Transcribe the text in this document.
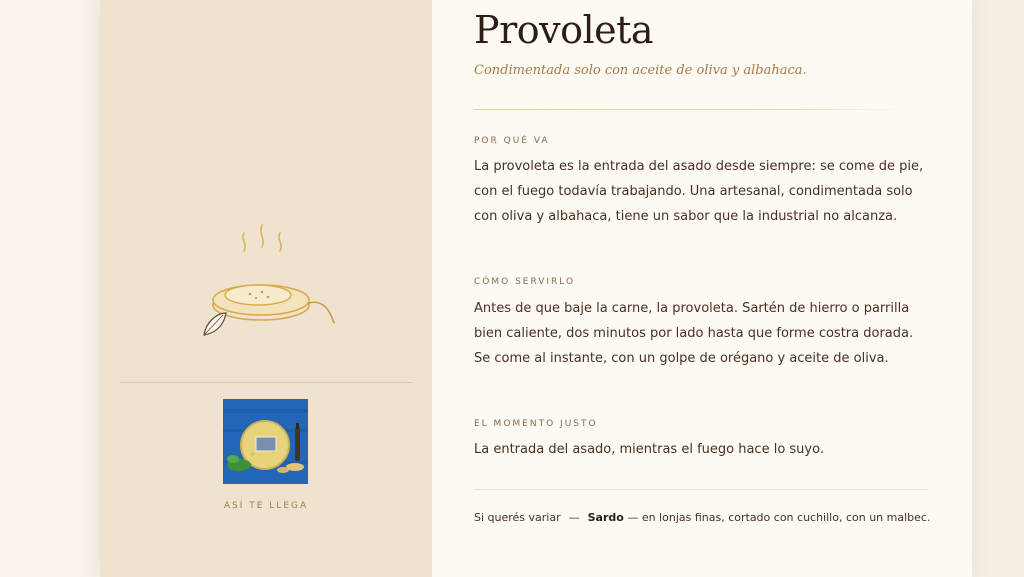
ASÍ TE LLEGA
Provoleta

Condimentada solo con aceite de oliva y albahaca.

POR QUÉ VA

La provoleta es la entrada del asado desde siempre: se come de pie, con el fuego todavía trabajando. Una artesanal, condimentada solo con oliva y albahaca, tiene un sabor que la industrial no alcanza.

CÓMO SERVIRLO

Antes de que baje la carne, la provoleta. Sartén de hierro o parrilla bien caliente, dos minutos por lado hasta que forme costra dorada. Se come al instante, con un golpe de orégano y aceite de oliva.

EL MOMENTO JUSTO

La entrada del asado, mientras el fuego hace lo suyo.

Si querés variar — Sardo — en lonjas finas, cortado con cuchillo, con un malbec.
